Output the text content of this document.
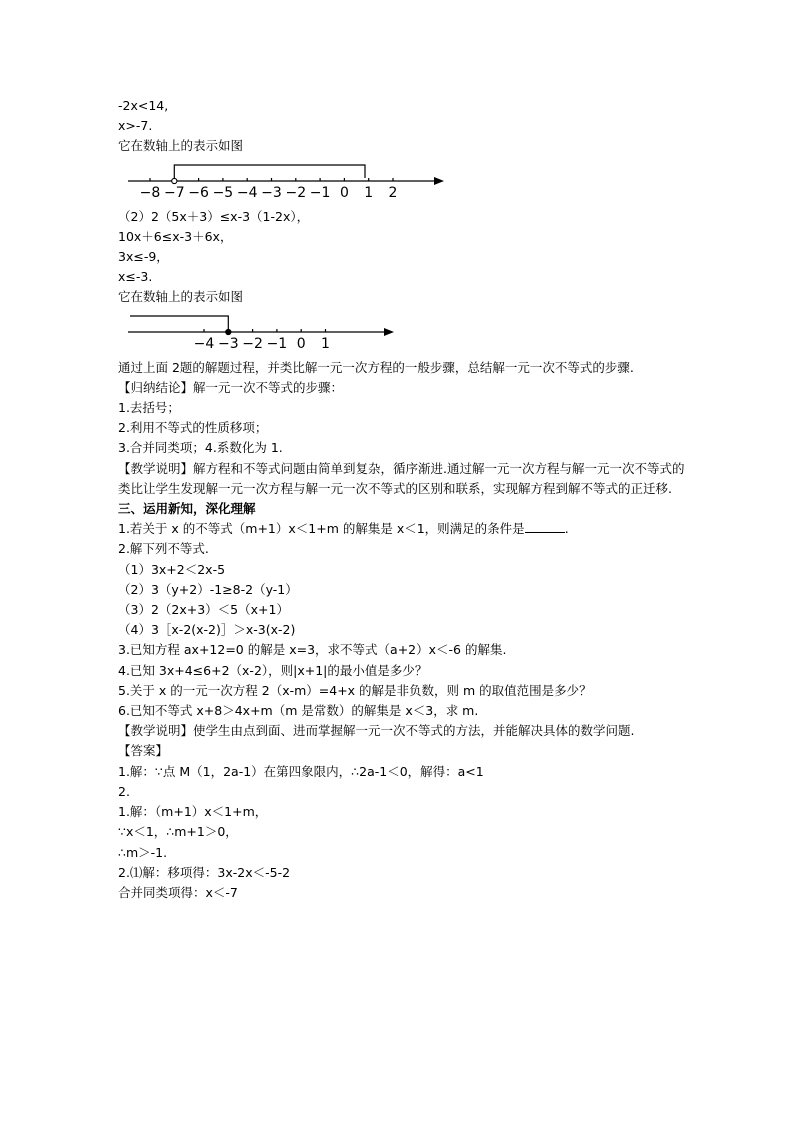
-2x<14,
x>-7.
它在数轴上的表示如图
−8 −7 −6 −5 −4 −3 −2 −1 0 1 2
（2）2（5x＋3）≤x-3（1-2x），
10x＋6≤x-3＋6x，
3x≤-9，
x≤-3.
它在数轴上的表示如图
−4 −3 −2 −1 0 1
通过上面 2题的解题过程，并类比解一元一次方程的一般步骤，总结解一元一次不等式的步骤.
【归纳结论】解一元一次不等式的步骤：
1.去括号；
2.利用不等式的性质移项；
3.合并同类项；4.系数化为 1.
【教学说明】解方程和不等式问题由简单到复杂，循序渐进.通过解一元一次方程与解一元一次不等式的类比让学生发现解一元一次方程与解一元一次不等式的区别和联系，实现解方程到解不等式的正迁移.
三、运用新知，深化理解
1.若关于 x 的不等式（m+1）x＜1+m 的解集是 x＜1，则满足的条件是	.
2.解下列不等式.
（1）3x+2＜2x-5
（2）3（y+2）-1≥8-2（y-1）
（3）2（2x+3）＜5（x+1）
（4）3［x-2(x-2)］＞x-3(x-2)
3.已知方程 ax+12=0 的解是 x=3，求不等式（a+2）x＜-6 的解集.
4.已知 3x+4≤6+2（x-2），则|x+1|的最小值是多少？
5.关于 x 的一元一次方程 2（x-m）=4+x 的解是非负数，则 m 的取值范围是多少？
6.已知不等式 x+8＞4x+m（m 是常数）的解集是 x＜3，求 m.
【教学说明】使学生由点到面、进而掌握解一元一次不等式的方法，并能解决具体的数学问题.
【答案】
1.解：∵点 M（1，2a-1）在第四象限内，∴2a-1＜0，解得：a<1
2.
1.解：（m+1）x＜1+m，
∵x＜1，∴m+1＞0，
∴m＞-1.
2.⑴解：移项得：3x-2x＜-5-2
合并同类项得：x＜-7
